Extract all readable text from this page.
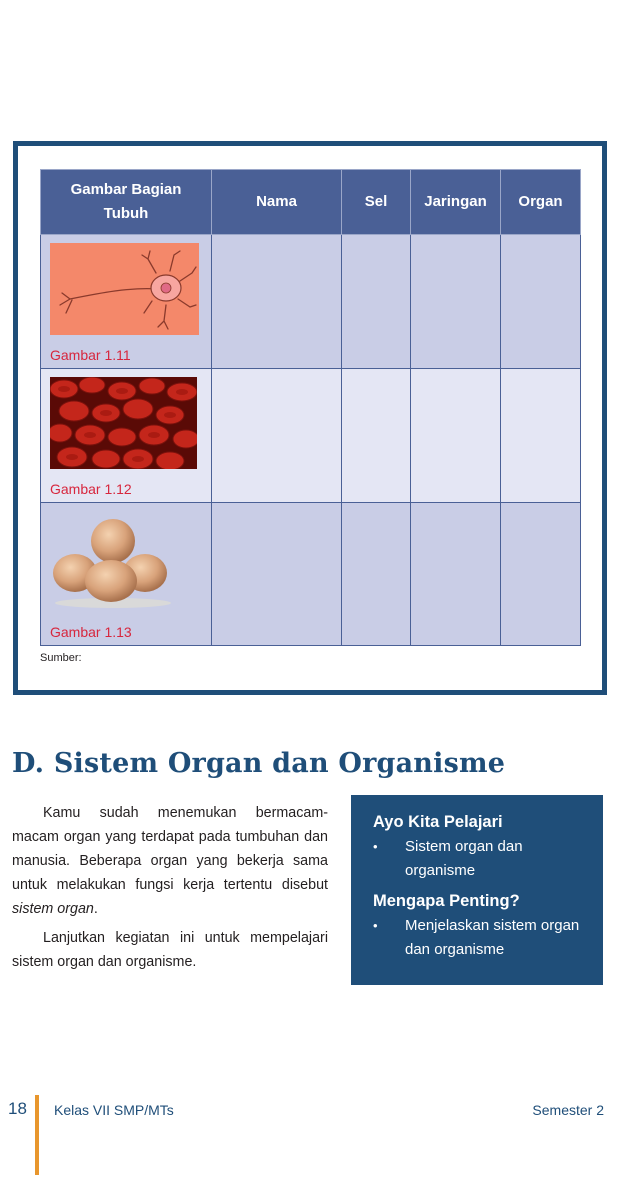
Gambar Bagian Tubuh	Nama	Sel	Jaringan	Organ

Gambar 1.11				

Gambar 1.12				

Gambar 1.13				

Sumber:
D. Sistem Organ dan Organisme

Kamu sudah menemukan bermacam-macam organ yang terdapat pada tumbuhan dan manusia. Beberapa organ yang bekerja sama untuk melakukan fungsi kerja tertentu disebut sistem organ.

Lanjutkan kegiatan ini untuk mempelajari sistem organ dan organisme.

Ayo Kita Pelajari
• Sistem organ dan organisme
Mengapa Penting?
• Menjelaskan sistem organ dan organisme
18 Kelas VII SMP/MTs	Semester 2
